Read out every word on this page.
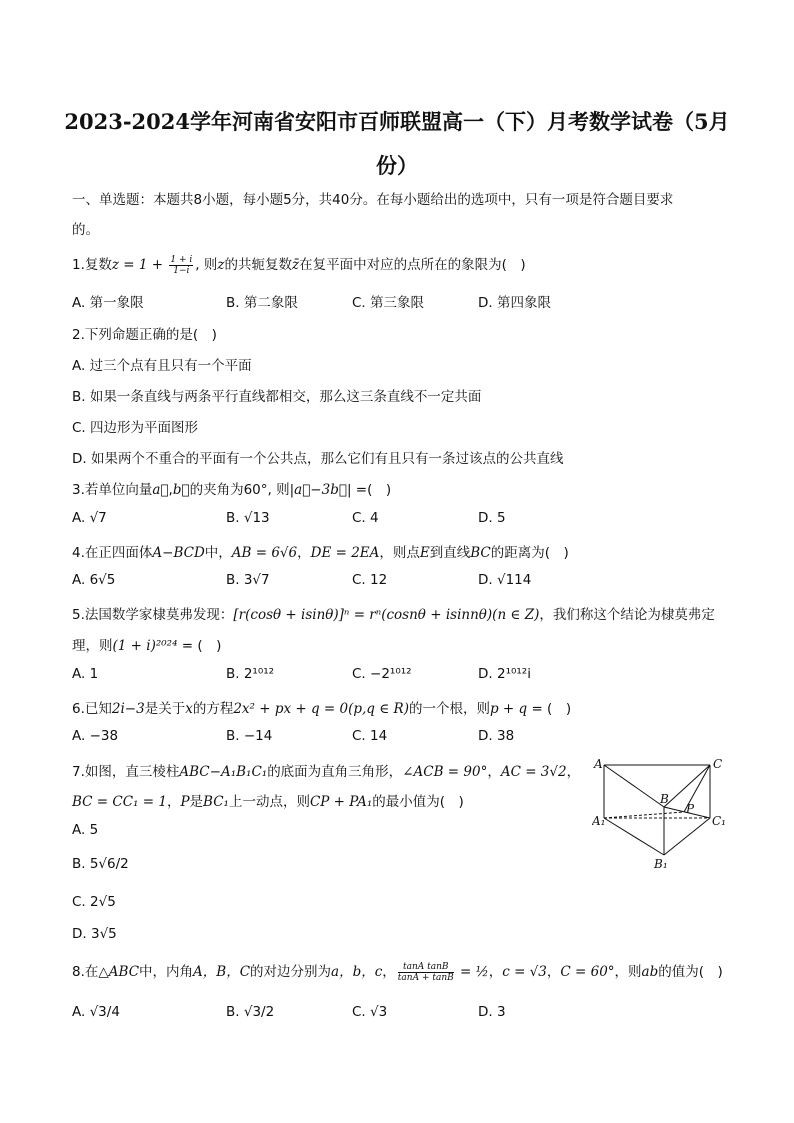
2023-2024学年河南省安阳市百师联盟高一（下）月考数学试卷（5月
份）
一、单选题：本题共8小题，每小题5分，共40分。在每小题给出的选项中，只有一项是符合题目要求
的。
1.复数$z = 1 + \frac{1 + i}{1-i}$ , 则z的共轭复数z̄在复平面中对应的点所在的象限为(　)
A. 第一象限	B. 第二象限	C. 第三象限	D. 第四象限
2.下列命题正确的是(　)
A. 过三个点有且只有一个平面
B. 如果一条直线与两条平行直线都相交，那么这三条直线不一定共面
C. 四边形为平面图形
D. 如果两个不重合的平面有一个公共点，那么它们有且只有一条过该点的公共直线
3.若单位向量a⃗,b⃗的夹角为60°, 则|a⃗−3b⃗| =(　)
A. √7	B. √13	C. 4	D. 5
4.在正四面体A−BCD中，AB = 6√6，DE = 2EA，则点E到直线BC的距离为(　)
A. 6√5	B. 3√7	C. 12	D. √114
5.法国数学家棣莫弗发现：[r(cosθ + isinθ)]ⁿ = rⁿ(cosnθ + isinnθ)(n ∈ Z)，我们称这个结论为棣莫弗定
理，则(1 + i)²⁰²⁴ = (　)
A. 1	B. 2¹⁰¹²	C. −2¹⁰¹²	D. 2¹⁰¹²i
6.已知2i−3是关于x的方程2x² + px + q = 0(p,q ∈ R)的一个根，则p + q = (　)
A. −38	B. −14	C. 14	D. 38
7.如图，直三棱柱ABC−A₁B₁C₁的底面为直角三角形，∠ACB = 90°，AC = 3√2，
BC = CC₁ = 1，P是BC₁上一动点，则CP + PA₁的最小值为(　)
A. 5
B. 5√6/2
C. 2√5
D. 3√5
A	C
B
P
A₁	C₁
B₁
8.在△ABC中，内角A，B，C的对边分别为a，b，c， $\frac{\text{tanA tanB}}{\tan A + \tan B}$ = ½，c = √3，C = 60°，则ab的值为(　)
A. √3/4	B. √3/2	C. √3	D. 3
